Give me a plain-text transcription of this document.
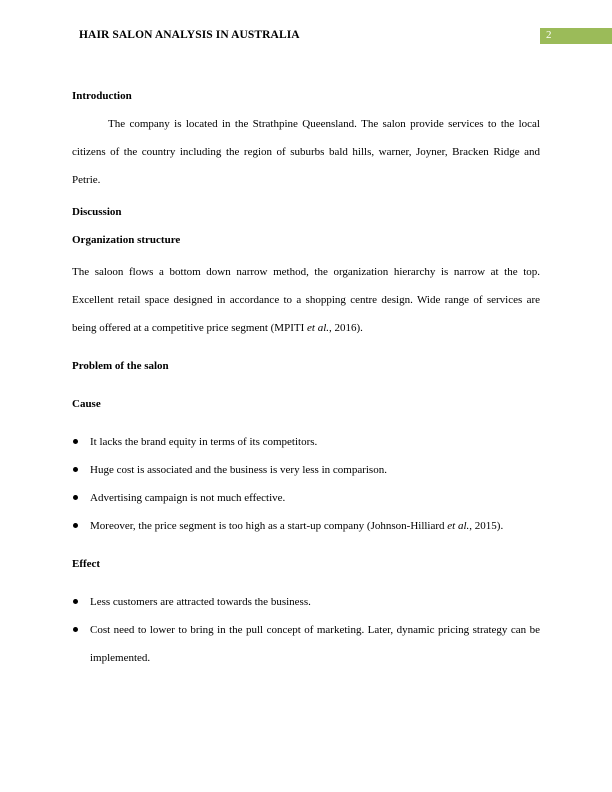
HAIR SALON ANALYSIS IN AUSTRALIA	2

Introduction

The company is located in the Strathpine Queensland. The salon provide services to the local citizens of the country including the region of suburbs bald hills, warner, Joyner, Bracken Ridge and Petrie.

Discussion

Organization structure

The saloon flows a bottom down narrow method, the organization hierarchy is narrow at the top. Excellent retail space designed in accordance to a shopping centre design. Wide range of services are being offered at a competitive price segment (MPITI et al., 2016).

Problem of the salon

Cause

It lacks the brand equity in terms of its competitors.
Huge cost is associated and the business is very less in comparison.
Advertising campaign is not much effective.
Moreover, the price segment is too high as a start-up company (Johnson-Hilliard et al., 2015).

Effect

Less customers are attracted towards the business.
Cost need to lower to bring in the pull concept of marketing. Later, dynamic pricing strategy can be implemented.
